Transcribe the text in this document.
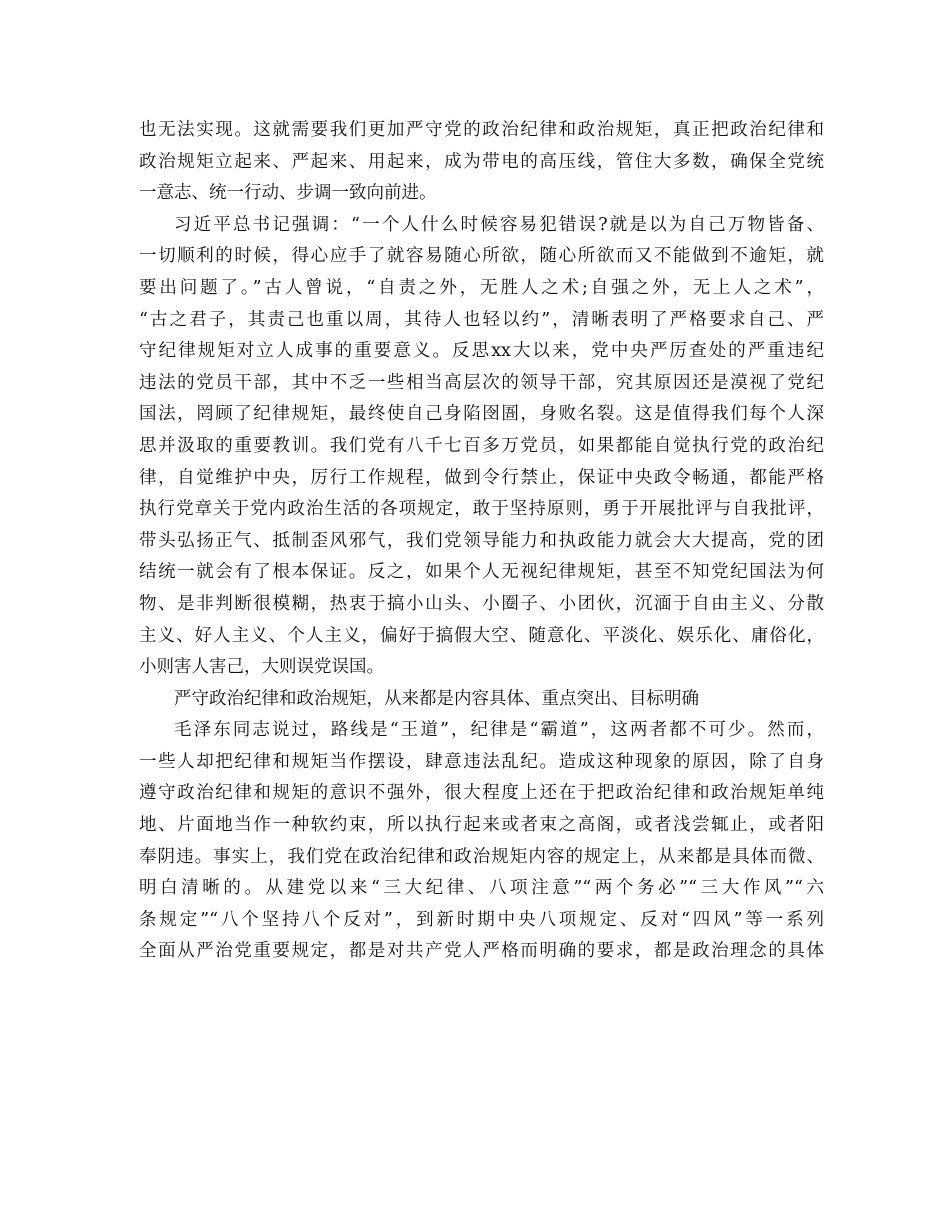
也无法实现。这就需要我们更加严守党的政治纪律和政治规矩，真正把政治纪律和
政治规矩立起来、严起来、用起来，成为带电的高压线，管住大多数，确保全党统
一意志、统一行动、步调一致向前进。
习近平总书记强调：“一个人什么时候容易犯错误?就是以为自己万物皆备、
一切顺利的时候，得心应手了就容易随心所欲，随心所欲而又不能做到不逾矩，就
要出问题了。”古人曾说，“自责之外，无胜人之术;自强之外，无上人之术”，
“古之君子，其责己也重以周，其待人也轻以约”，清晰表明了严格要求自己、严
守纪律规矩对立人成事的重要意义。反思xx大以来，党中央严厉查处的严重违纪
违法的党员干部，其中不乏一些相当高层次的领导干部，究其原因还是漠视了党纪
国法，罔顾了纪律规矩，最终使自己身陷囹圄，身败名裂。这是值得我们每个人深
思并汲取的重要教训。我们党有八千七百多万党员，如果都能自觉执行党的政治纪
律，自觉维护中央，厉行工作规程，做到令行禁止，保证中央政令畅通，都能严格
执行党章关于党内政治生活的各项规定，敢于坚持原则，勇于开展批评与自我批评，
带头弘扬正气、抵制歪风邪气，我们党领导能力和执政能力就会大大提高，党的团
结统一就会有了根本保证。反之，如果个人无视纪律规矩，甚至不知党纪国法为何
物、是非判断很模糊，热衷于搞小山头、小圈子、小团伙，沉湎于自由主义、分散
主义、好人主义、个人主义，偏好于搞假大空、随意化、平淡化、娱乐化、庸俗化，
小则害人害己，大则误党误国。
严守政治纪律和政治规矩，从来都是内容具体、重点突出、目标明确
毛泽东同志说过，路线是“王道”，纪律是“霸道”，这两者都不可少。然而，
一些人却把纪律和规矩当作摆设，肆意违法乱纪。造成这种现象的原因，除了自身
遵守政治纪律和规矩的意识不强外，很大程度上还在于把政治纪律和政治规矩单纯
地、片面地当作一种软约束，所以执行起来或者束之高阁，或者浅尝辄止，或者阳
奉阴违。事实上，我们党在政治纪律和政治规矩内容的规定上，从来都是具体而微、
明白清晰的。从建党以来“三大纪律、八项注意”“两个务必”“三大作风”“六
条规定”“八个坚持八个反对”，到新时期中央八项规定、反对“四风”等一系列
全面从严治党重要规定，都是对共产党人严格而明确的要求，都是政治理念的具体
